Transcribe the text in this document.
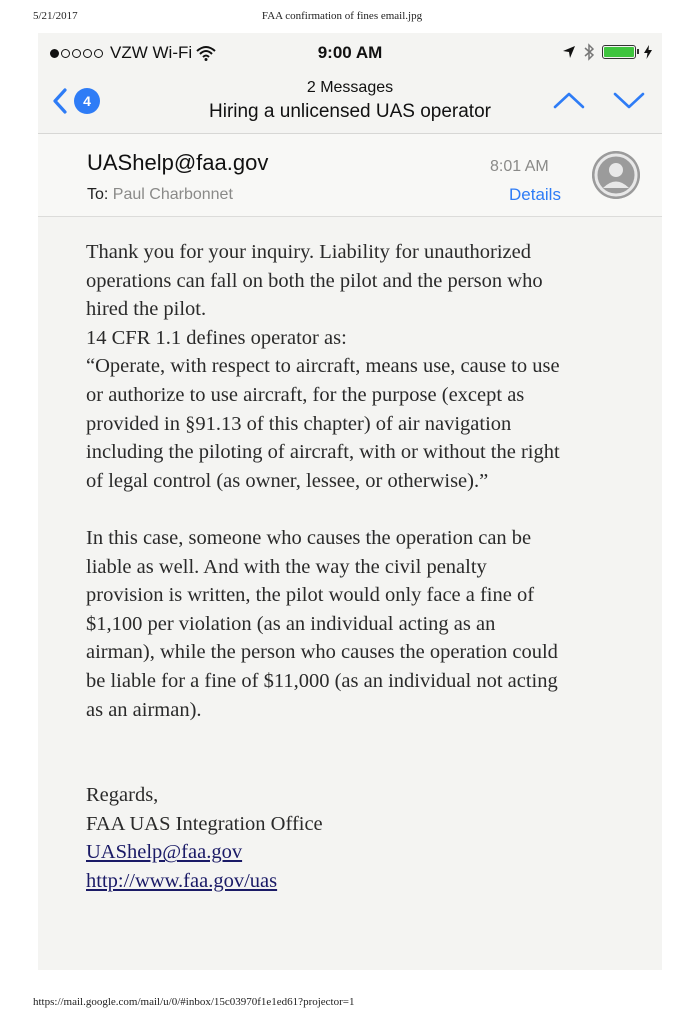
5/21/2017	FAA confirmation of fines email.jpg
VZW Wi-Fi	9:00 AM
4
2 Messages
Hiring a unlicensed UAS operator
UAShelp@faa.gov
To: Paul Charbonnet
8:01 AM
Details

Thank you for your inquiry. Liability for unauthorized

operations can fall on both the pilot and the person who

hired the pilot.

14 CFR 1.1 defines operator as:

“Operate, with respect to aircraft, means use, cause to use

or authorize to use aircraft, for the purpose (except as

provided in §91.13 of this chapter) of air navigation

including the piloting of aircraft, with or without the right

of legal control (as owner, lessee, or otherwise).”

In this case, someone who causes the operation can be

liable as well. And with the way the civil penalty

provision is written, the pilot would only face a fine of

$1,100 per violation (as an individual acting as an

airman), while the person who causes the operation could

be liable for a fine of $11,000 (as an individual not acting

as an airman).

Regards,

FAA UAS Integration Office

UAShelp@faa.gov

http://www.faa.gov/uas

https://mail.google.com/mail/u/0/#inbox/15c03970f1e1ed61?projector=1
